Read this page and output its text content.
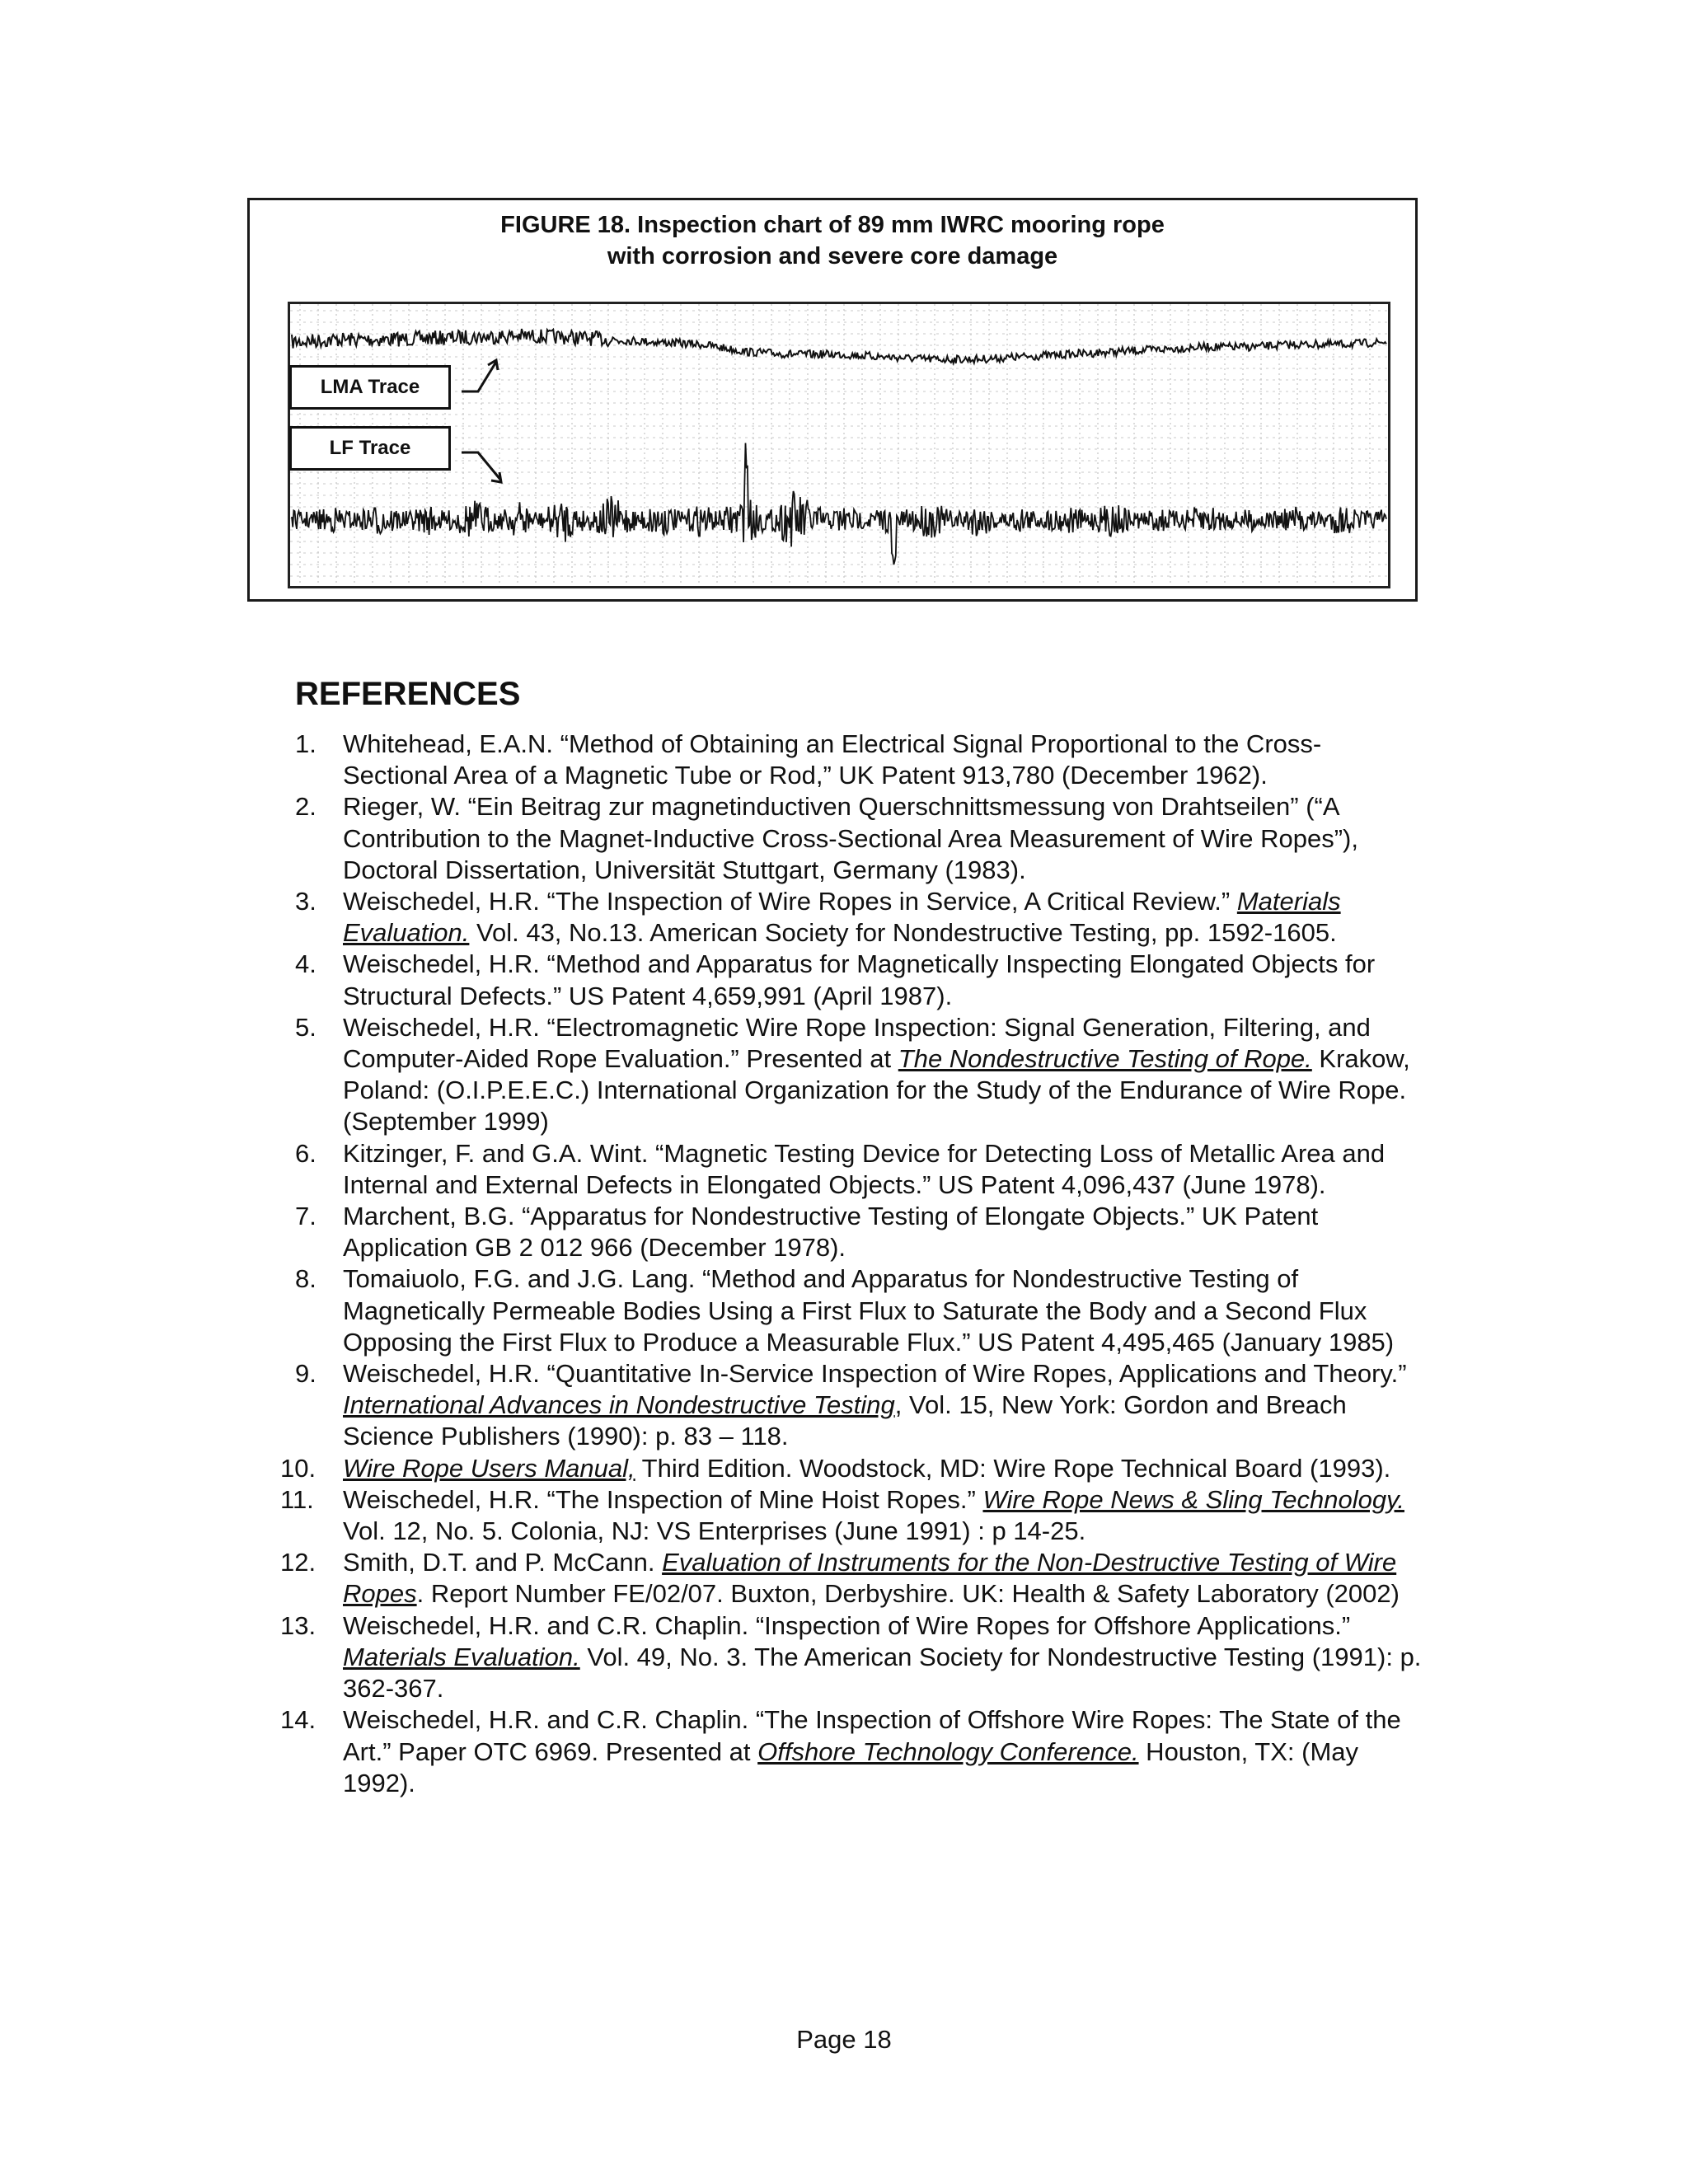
FIGURE 18. Inspection chart of 89 mm IWRC mooring rope
with corrosion and severe core damage
LMA Trace
LF Trace
REFERENCES
1. Whitehead, E.A.N. “Method of Obtaining an Electrical Signal Proportional to the Cross-Sectional Area of a Magnetic Tube or Rod,” UK Patent 913,780 (December 1962).
2. Rieger, W. “Ein Beitrag zur magnetinductiven Querschnittsmessung von Drahtseilen” (“A Contribution to the Magnet-Inductive Cross-Sectional Area Measurement of Wire Ropes”), Doctoral Dissertation, Universität Stuttgart, Germany (1983).
3. Weischedel, H.R. “The Inspection of Wire Ropes in Service, A Critical Review.” Materials Evaluation. Vol. 43, No.13. American Society for Nondestructive Testing, pp. 1592-1605.
4. Weischedel, H.R. “Method and Apparatus for Magnetically Inspecting Elongated Objects for Structural Defects.” US Patent 4,659,991 (April 1987).
5. Weischedel, H.R. “Electromagnetic Wire Rope Inspection: Signal Generation, Filtering, and Computer-Aided Rope Evaluation.” Presented at The Nondestructive Testing of Rope. Krakow, Poland: (O.I.P.E.E.C.) International Organization for the Study of the Endurance of Wire Rope. (September 1999)
6. Kitzinger, F. and G.A. Wint. “Magnetic Testing Device for Detecting Loss of Metallic Area and Internal and External Defects in Elongated Objects.” US Patent 4,096,437 (June 1978).
7. Marchent, B.G. “Apparatus for Nondestructive Testing of Elongate Objects.” UK Patent Application GB 2 012 966 (December 1978).
8. Tomaiuolo, F.G. and J.G. Lang. “Method and Apparatus for Nondestructive Testing of Magnetically Permeable Bodies Using a First Flux to Saturate the Body and a Second Flux Opposing the First Flux to Produce a Measurable Flux.” US Patent 4,495,465 (January 1985)
9. Weischedel, H.R. “Quantitative In-Service Inspection of Wire Ropes, Applications and Theory.” International Advances in Nondestructive Testing, Vol. 15, New York: Gordon and Breach Science Publishers (1990): p. 83 – 118.
10. Wire Rope Users Manual, Third Edition. Woodstock, MD: Wire Rope Technical Board (1993).
11. Weischedel, H.R. “The Inspection of Mine Hoist Ropes.” Wire Rope News & Sling Technology. Vol. 12, No. 5. Colonia, NJ: VS Enterprises (June 1991) : p 14-25.
12. Smith, D.T. and P. McCann. Evaluation of Instruments for the Non-Destructive Testing of Wire Ropes. Report Number FE/02/07. Buxton, Derbyshire. UK: Health & Safety Laboratory (2002)
13. Weischedel, H.R. and C.R. Chaplin. “Inspection of Wire Ropes for Offshore Applications.” Materials Evaluation. Vol. 49, No. 3. The American Society for Nondestructive Testing (1991): p. 362-367.
14. Weischedel, H.R. and C.R. Chaplin. “The Inspection of Offshore Wire Ropes: The State of the Art.” Paper OTC 6969. Presented at Offshore Technology Conference. Houston, TX: (May 1992).
Page 18
